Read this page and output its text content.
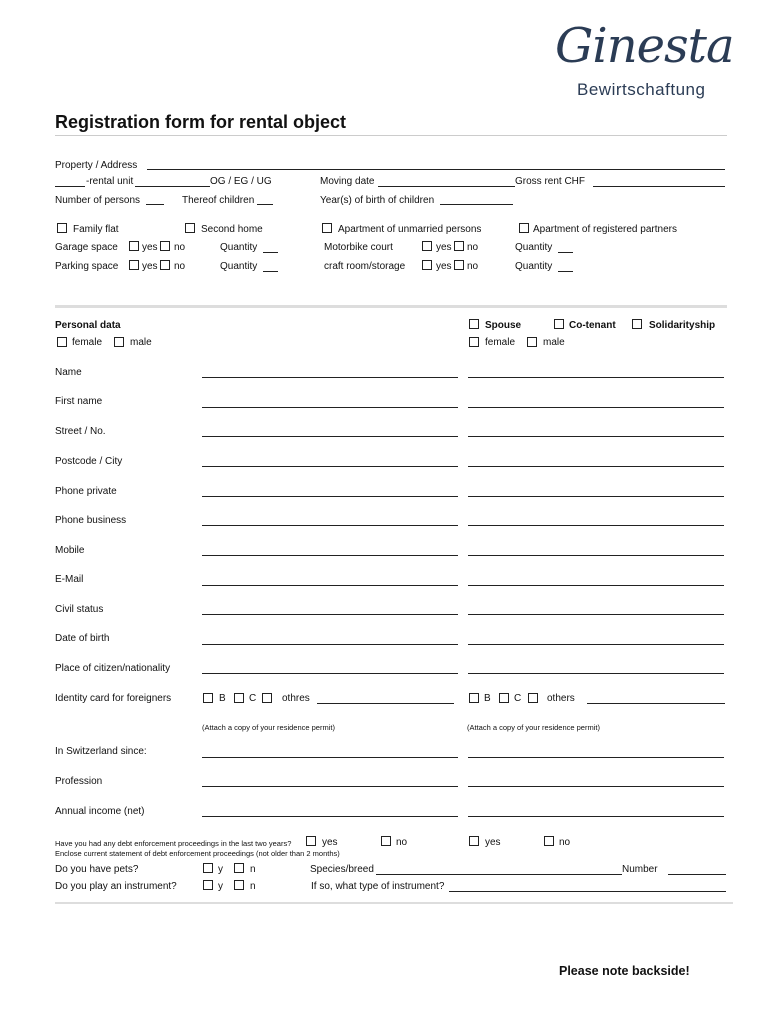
Ginesta
Bewirtschaftung
Registration form for rental object
Property / Address
-rental unit	OG / EG / UG	Moving date	Gross rent CHF
Number of persons	Thereof children	Year(s) of birth of children
Family flat	Second home	Apartment of unmarried persons	Apartment of registered partners
Garage space yes no	Quantity	Motorbike court	yes no	Quantity
Parking space yes no	Quantity	craft room/storage	yes no	Quantity
Personal data
female	male
Spouse	Co-tenant	Solidarityship
female	male
Name
First name
Street / No.
Postcode / City
Phone private
Phone business
Mobile
E-Mail
Civil status
Date of birth
Place of citizen/nationality
Identity card for foreigners	B C	othres	B C	others
(Attach a copy of your residence permit)	(Attach a copy of your residence permit)
In Switzerland since:
Profession
Annual income (net)
Have you had any debt enforcement proceedings in the last two years?
Enclose current statement of debt enforcement proceedings (not older than 2 months)
yes	no	yes	no
Do you have pets?	y	n	Species/breed	Number
Do you play an instrument?	y	n	If so, what type of instrument?
Please note backside!
